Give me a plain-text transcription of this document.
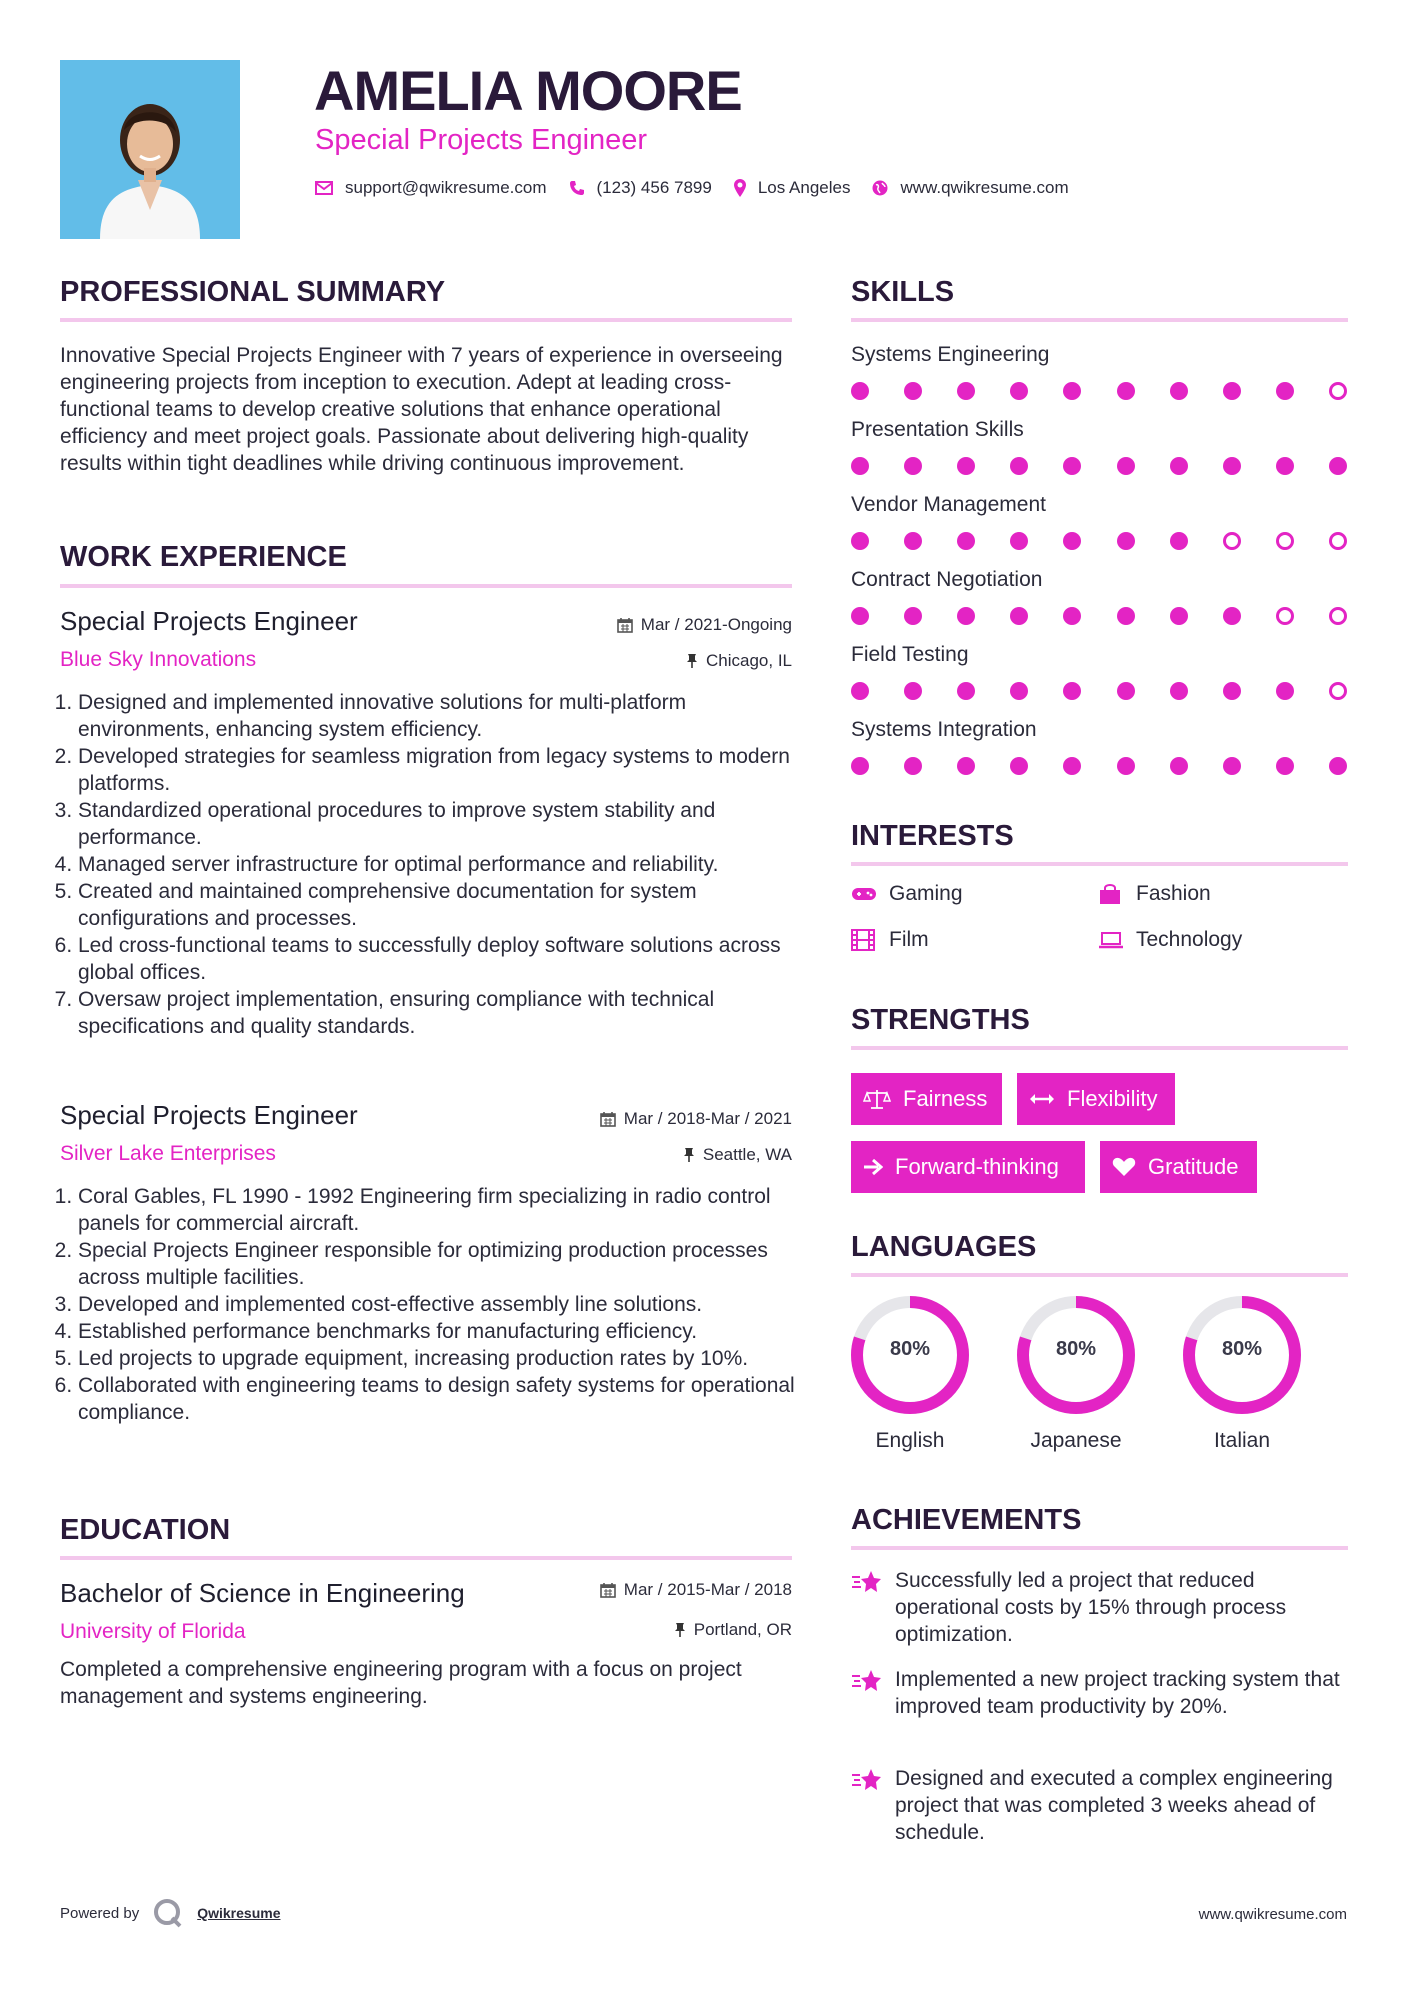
AMELIA MOORE
Special Projects Engineer
support@qwikresume.com	(123) 456 7899	Los Angeles	www.qwikresume.com
PROFESSIONAL SUMMARY
Innovative Special Projects Engineer with 7 years of experience in overseeing engineering projects from inception to execution. Adept at leading cross-functional teams to develop creative solutions that enhance operational efficiency and meet project goals. Passionate about delivering high-quality results within tight deadlines while driving continuous improvement.
WORK EXPERIENCE
Special Projects Engineer	Mar / 2021-Ongoing
Blue Sky Innovations	Chicago, IL
1. Designed and implemented innovative solutions for multi-platform environments, enhancing system efficiency.
2. Developed strategies for seamless migration from legacy systems to modern platforms.
3. Standardized operational procedures to improve system stability and performance.
4. Managed server infrastructure for optimal performance and reliability.
5. Created and maintained comprehensive documentation for system configurations and processes.
6. Led cross-functional teams to successfully deploy software solutions across global offices.
7. Oversaw project implementation, ensuring compliance with technical specifications and quality standards.
Special Projects Engineer	Mar / 2018-Mar / 2021
Silver Lake Enterprises	Seattle, WA
1. Coral Gables, FL 1990 - 1992 Engineering firm specializing in radio control panels for commercial aircraft.
2. Special Projects Engineer responsible for optimizing production processes across multiple facilities.
3. Developed and implemented cost-effective assembly line solutions.
4. Established performance benchmarks for manufacturing efficiency.
5. Led projects to upgrade equipment, increasing production rates by 10%.
6. Collaborated with engineering teams to design safety systems for operational compliance.
EDUCATION
Bachelor of Science in Engineering	Mar / 2015-Mar / 2018
University of Florida	Portland, OR
Completed a comprehensive engineering program with a focus on project management and systems engineering.
SKILLS
Systems Engineering
Presentation Skills
Vendor Management
Contract Negotiation
Field Testing
Systems Integration
INTERESTS
Gaming	Fashion
Film	Technology
STRENGTHS
Fairness	Flexibility
Forward-thinking	Gratitude
LANGUAGES
80%
English
80%
Japanese
80%
Italian
ACHIEVEMENTS
Successfully led a project that reduced operational costs by 15% through process optimization.
Implemented a new project tracking system that improved team productivity by 20%.
Designed and executed a complex engineering project that was completed 3 weeks ahead of schedule.
Powered by	Qwikresume	www.qwikresume.com
